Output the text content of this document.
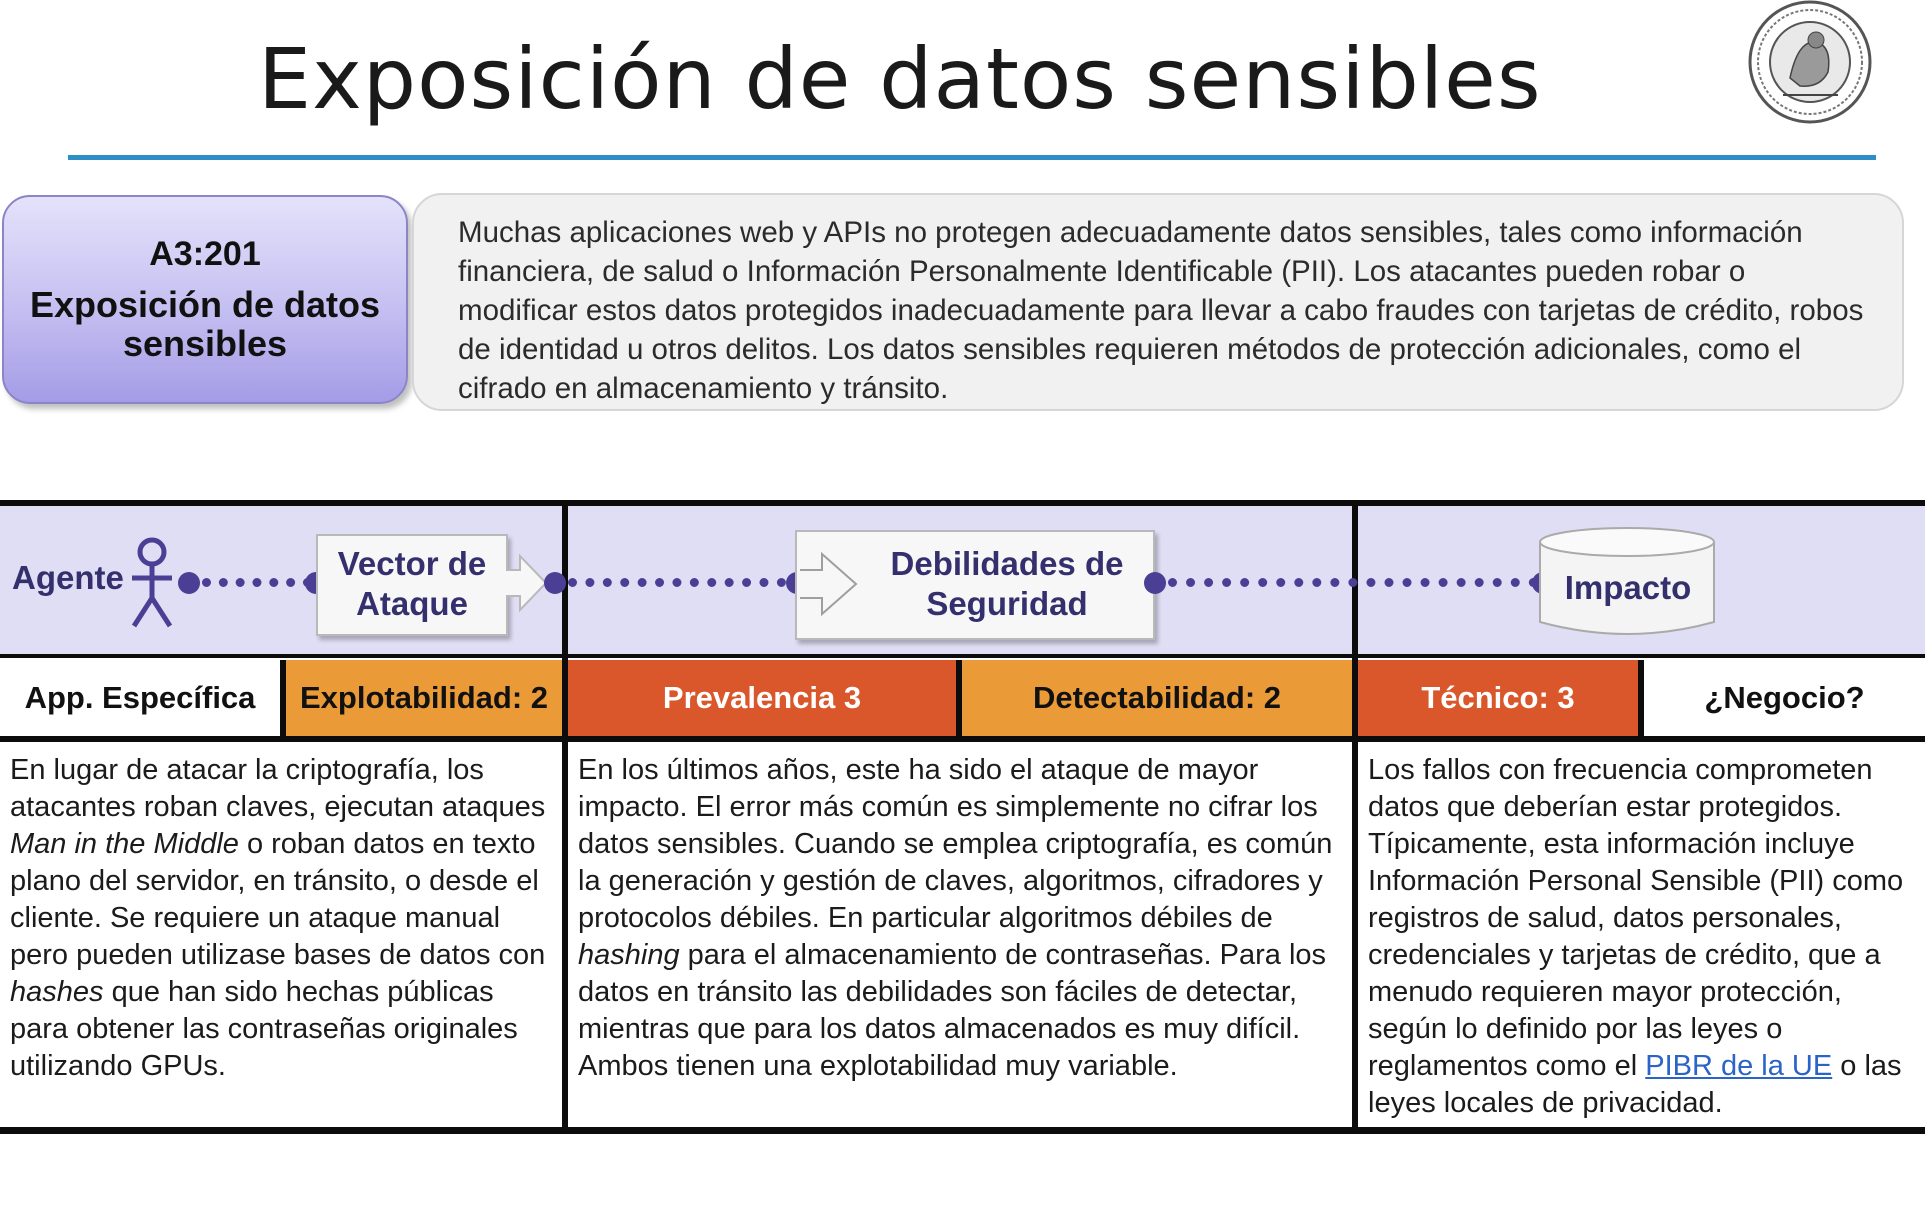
Exposición de datos sensibles
A3:201
Exposición de datos sensibles
Muchas aplicaciones web y APIs no protegen adecuadamente datos sensibles, tales como información financiera, de salud o Información Personalmente Identificable (PII). Los atacantes pueden robar o modificar estos datos protegidos inadecuadamente para llevar a cabo fraudes con tarjetas de crédito, robos de identidad u otros delitos. Los datos sensibles requieren métodos de protección adicionales, como el cifrado en almacenamiento y tránsito.
Agente	Vector de Ataque
Debilidades de Seguridad	Impacto
App. Específica	Explotabilidad: 2	Prevalencia 3	Detectabilidad: 2	Técnico: 3	¿Negocio?
En lugar de atacar la criptografía, los atacantes roban claves, ejecutan ataques Man in the Middle o roban datos en texto plano del servidor, en tránsito, o desde el cliente. Se requiere un ataque manual pero pueden utilizase bases de datos con hashes que han sido hechas públicas para obtener las contraseñas originales utilizando GPUs.
En los últimos años, este ha sido el ataque de mayor impacto. El error más común es simplemente no cifrar los datos sensibles. Cuando se emplea criptografía, es común la generación y gestión de claves, algoritmos, cifradores y protocolos débiles. En particular algoritmos débiles de hashing para el almacenamiento de contraseñas. Para los datos en tránsito las debilidades son fáciles de detectar, mientras que para los datos almacenados es muy difícil. Ambos tienen una explotabilidad muy variable.
Los fallos con frecuencia comprometen datos que deberían estar protegidos. Típicamente, esta información incluye Información Personal Sensible (PII) como registros de salud, datos personales, credenciales y tarjetas de crédito, que a menudo requieren mayor protección, según lo definido por las leyes o reglamentos como el PIBR de la UE o las leyes locales de privacidad.
